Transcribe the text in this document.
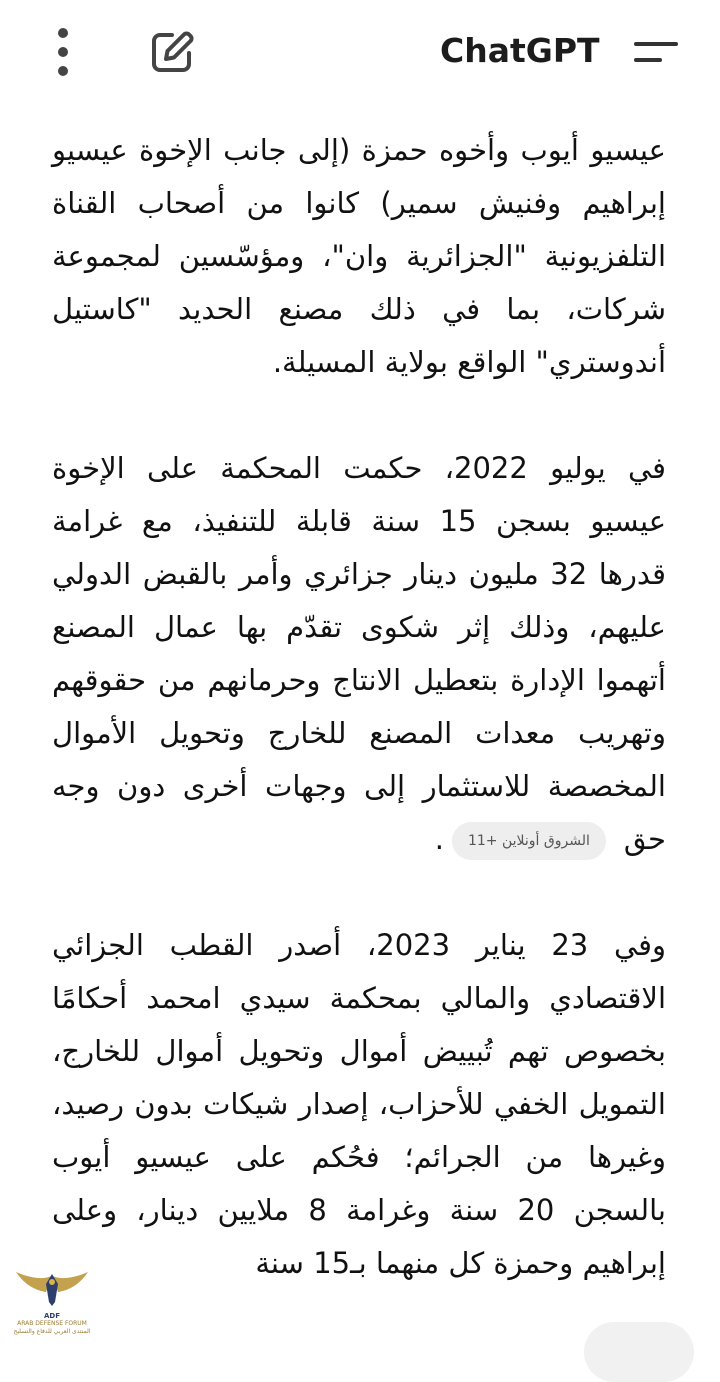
ChatGPT

عيسيو أيوب وأخوه حمزة (إلى جانب الإخوة عيسيو إبراهيم وفنيش سمير) كانوا من أصحاب القناة التلفزيونية "الجزائرية وان"، ومؤسّسين لمجموعة شركات، بما في ذلك مصنع الحديد "كاستيل أندوستري" الواقع بولاية المسيلة.

في يوليو 2022، حكمت المحكمة على الإخوة عيسيو بسجن 15 سنة قابلة للتنفيذ، مع غرامة قدرها 32 مليون دينار جزائري وأمر بالقبض الدولي عليهم، وذلك إثر شكوى تقدّم بها عمال المصنع أتهموا الإدارة بتعطيل الانتاج وحرمانهم من حقوقهم وتهريب معدات المصنع للخارج وتحويل الأموال المخصصة للاستثمار إلى وجهات أخرى دون وجه حقالشروق أونلاين +11.

وفي 23 يناير 2023، أصدر القطب الجزائي الاقتصادي والمالي بمحكمة سيدي امحمد أحكامًا بخصوص تهم تُبييض أموال وتحويل أموال للخارج، التمويل الخفي للأحزاب، إصدار شيكات بدون رصيد، وغيرها من الجرائم؛ فحُكم على عيسيو أيوب بالسجن 20 سنة وغرامة 8 ملايين دينار، وعلى إبراهيم وحمزة كل منهما بـ15 سنة

ADF
ARAB DEFENSE FORUM
المنتدى العربي للدفاع والتسليح
